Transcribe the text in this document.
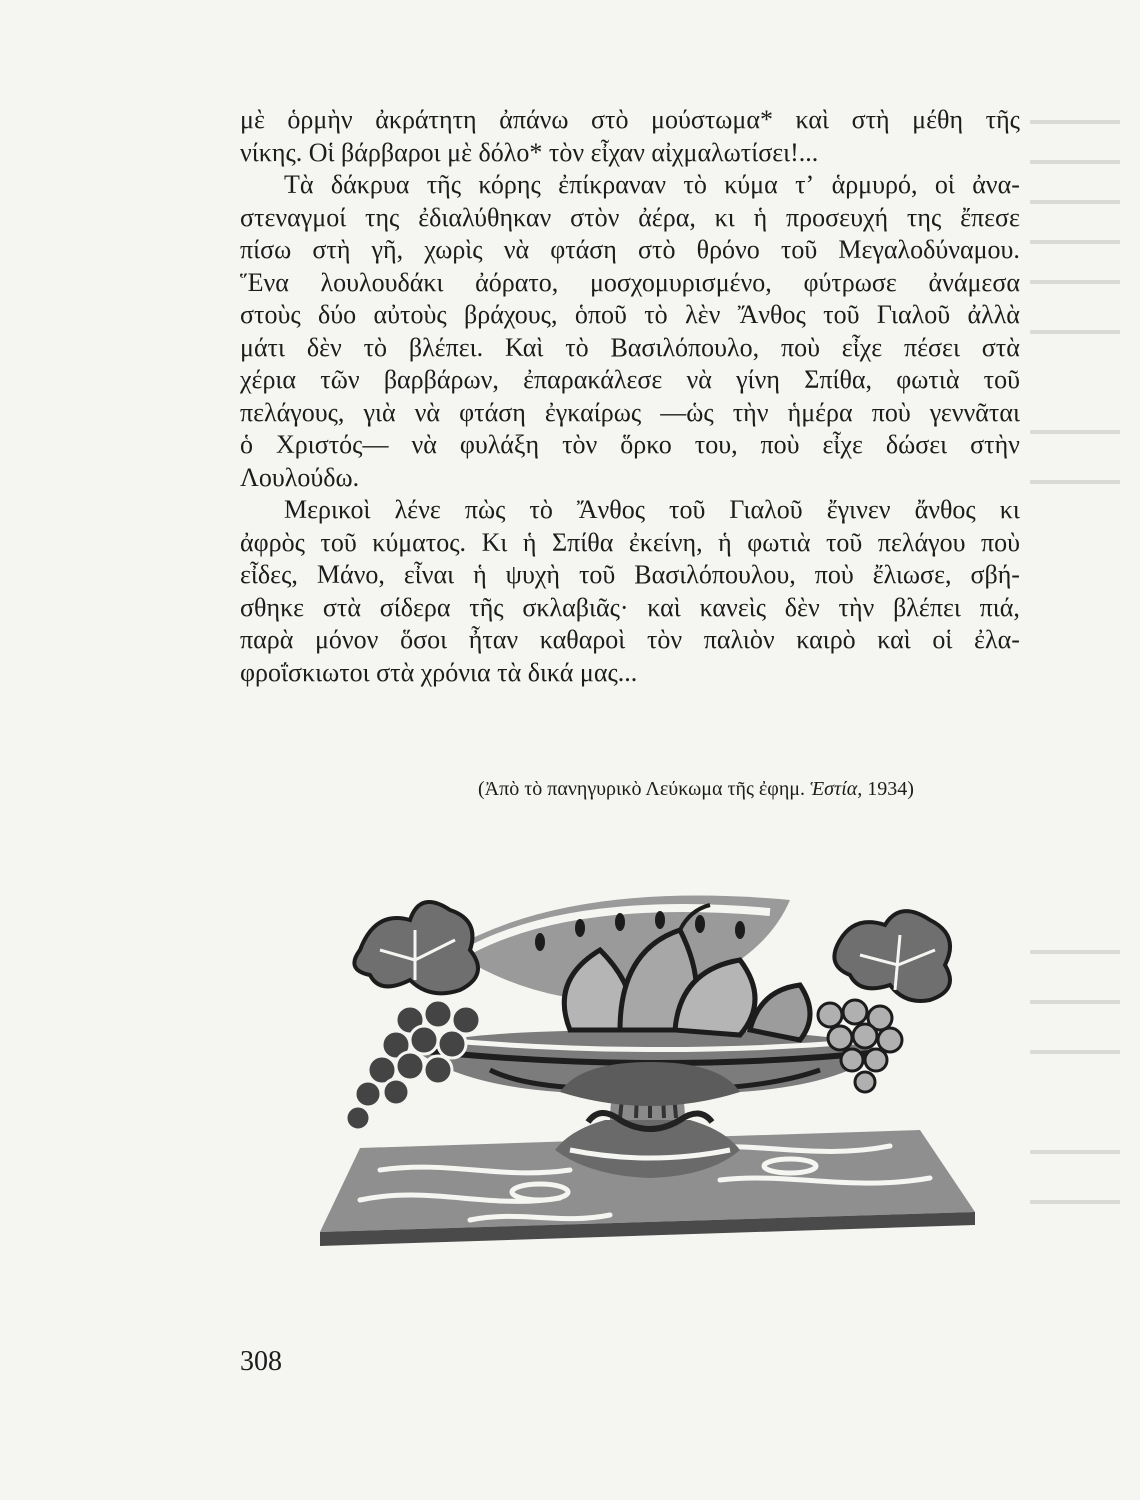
μὲ ὁρμὴν ἀκράτητη ἀπάνω στὸ μούστωμα* καὶ στὴ μέθη τῆς
νίκης. Οἱ βάρβαροι μὲ δόλο* τὸν εἶχαν αἰχμαλωτίσει!...
Τὰ δάκρυα τῆς κόρης ἐπίκραναν τὸ κύμα τ’ ἁρμυρό, οἱ ἀνα-
στεναγμοί της ἐδιαλύθηκαν στὸν ἀέρα, κι ἡ προσευχή της ἔπεσε
πίσω στὴ γῆ, χωρὶς νὰ φτάση στὸ θρόνο τοῦ Μεγαλοδύναμου.
Ἕνα λουλουδάκι ἀόρατο, μοσχομυρισμένο, φύτρωσε ἀνάμεσα
στοὺς δύο αὐτοὺς βράχους, ὁποῦ τὸ λὲν Ἄνθος τοῦ Γιαλοῦ ἀλλὰ
μάτι δὲν τὸ βλέπει. Καὶ τὸ Βασιλόπουλο, ποὺ εἶχε πέσει στὰ
χέρια τῶν βαρβάρων, ἐπαρακάλεσε νὰ γίνη Σπίθα, φωτιὰ τοῦ
πελάγους, γιὰ νὰ φτάση ἐγκαίρως —ὡς τὴν ἡμέρα ποὺ γεννᾶται
ὁ Χριστός— νὰ φυλάξη τὸν ὅρκο του, ποὺ εἶχε δώσει στὴν
Λουλούδω.
Μερικοὶ λένε πὼς τὸ Ἄνθος τοῦ Γιαλοῦ ἔγινεν ἄνθος κι
ἀφρὸς τοῦ κύματος. Κι ἡ Σπίθα ἐκείνη, ἡ φωτιὰ τοῦ πελάγου ποὺ
εἶδες, Μάνο, εἶναι ἡ ψυχὴ τοῦ Βασιλόπουλου, ποὺ ἔλιωσε, σβή-
σθηκε στὰ σίδερα τῆς σκλαβιᾶς· καὶ κανεὶς δὲν τὴν βλέπει πιά,
παρὰ μόνον ὅσοι ἦταν καθαροὶ τὸν παλιὸν καιρὸ καὶ οἱ ἐλα-
φροΐσκιωτοι στὰ χρόνια τὰ δικά μας...
(Ἀπὸ τὸ πανηγυρικὸ Λεύκωμα τῆς ἐφημ. Ἑστία, 1934)
308
